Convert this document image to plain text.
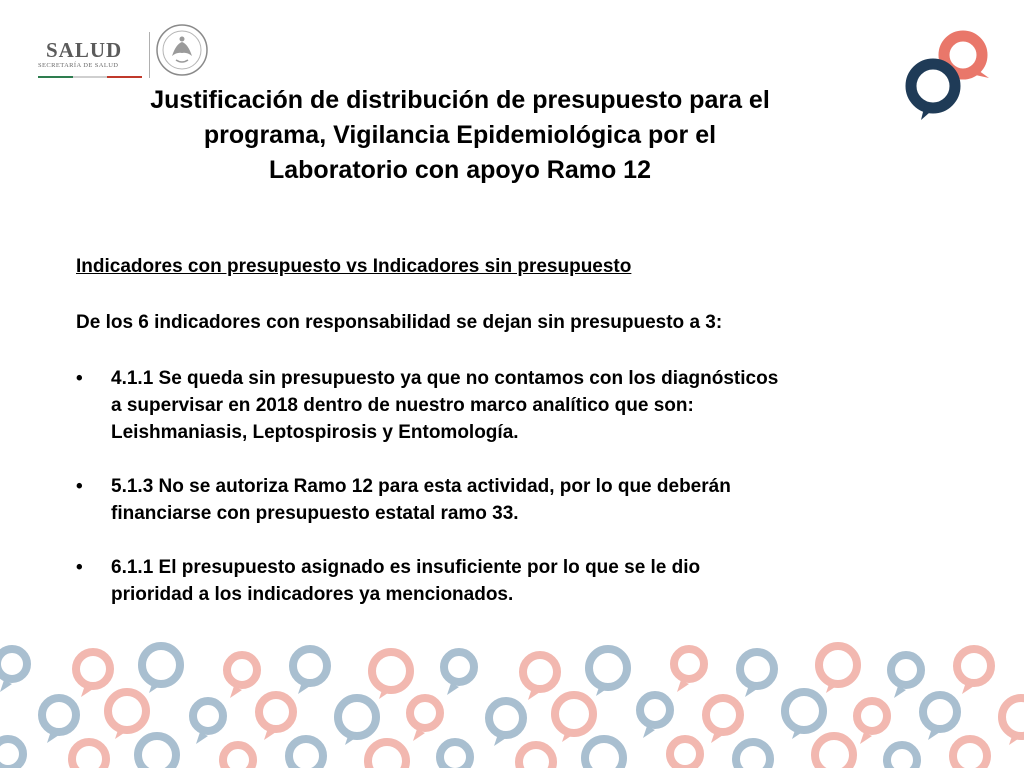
SALUD
SECRETARÍA DE SALUD
Justificación de distribución de presupuesto para el
programa, Vigilancia Epidemiológica por el
Laboratorio con apoyo Ramo 12

Indicadores con presupuesto vs Indicadores sin presupuesto

De los 6 indicadores con responsabilidad se dejan sin presupuesto a 3:

• 4.1.1 Se queda sin presupuesto ya que no contamos con los diagnósticos
a supervisar en 2018 dentro de nuestro marco analítico que son:
Leishmaniasis, Leptospirosis y Entomología.
• 5.1.3 No se autoriza Ramo 12 para esta actividad, por lo que deberán
financiarse con presupuesto estatal ramo 33.
• 6.1.1 El presupuesto asignado es insuficiente por lo que se le dio
prioridad a los indicadores ya mencionados.
